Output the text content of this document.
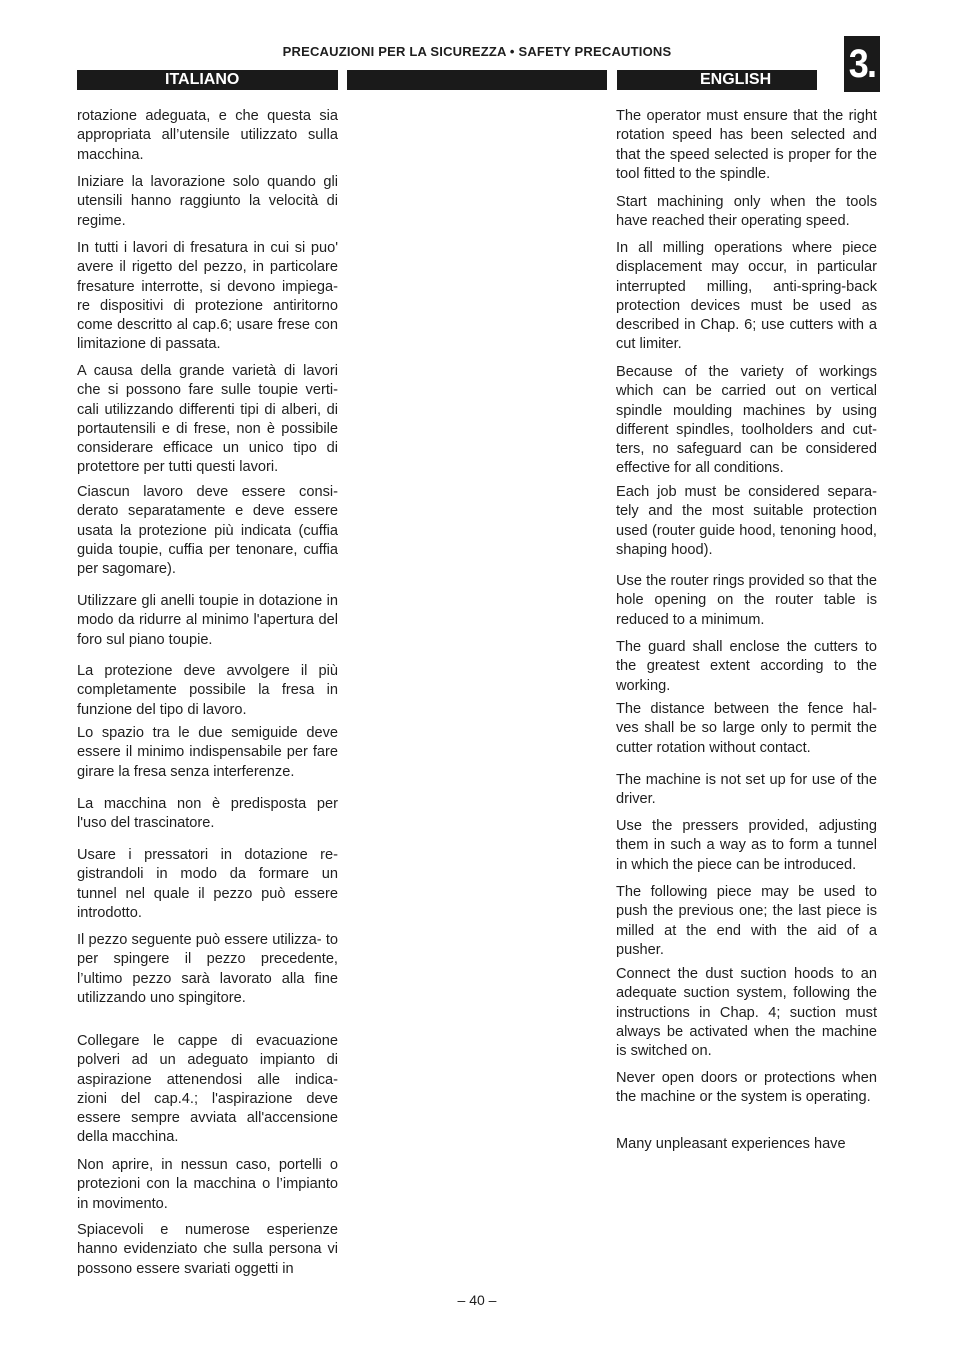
PRECAUZIONI PER LA SICUREZZA • SAFETY PRECAUTIONS	3.
ITALIANO	ENGLISH

rotazione adeguata, e che questa sia appropriata all’utensile utilizzato sulla macchina.

Iniziare la lavorazione solo quando gli utensili hanno raggiunto la velocità di regime.

In tutti i lavori di fresatura in cui si puo' avere il rigetto del pezzo, in particolare fresature interrotte, si devono impiega- re dispositivi di protezione antiritorno come descritto al cap.6; usare frese con limitazione di passata.

A causa della grande varietà di lavori che si possono fare sulle toupie verti- cali utilizzando differenti tipi di alberi, di portautensili e di frese, non è possibile considerare efficace un unico tipo di protettore per tutti questi lavori.

Ciascun lavoro deve essere consi- derato separatamente e deve essere usata la protezione più indicata (cuffia guida toupie, cuffia per tenonare, cuffia per sagomare).

Utilizzare gli anelli toupie in dotazione in modo da ridurre al minimo l'apertura del foro sul piano toupie.

La protezione deve avvolgere il più completamente possibile la fresa in funzione del tipo di lavoro.

Lo spazio tra le due semiguide deve essere il minimo indispensabile per fare girare la fresa senza interferenze.

La macchina non è predisposta per l'uso del trascinatore.

Usare i pressatori in dotazione re- gistrandoli in modo da formare un tunnel nel quale il pezzo può essere introdotto.

Il pezzo seguente può essere utilizza- to per spingere il pezzo precedente, l’ultimo pezzo sarà lavorato alla fine utilizzando uno spingitore.

Collegare le cappe di evacuazione polveri ad un adeguato impianto di aspirazione attenendosi alle indica- zioni del cap.4.; l'aspirazione deve essere sempre avviata all'accensione della macchina.

Non aprire, in nessun caso, portelli o protezioni con la macchina o l’impianto in movimento.

Spiacevoli e numerose esperienze hanno evidenziato che sulla persona vi possono essere svariati oggetti in

The operator must ensure that the right rotation speed has been selected and that the speed selected is proper for the tool fitted to the spindle.

Start machining only when the tools have reached their operating speed.

In all milling operations where piece displacement may occur, in particular interrupted milling, anti-spring-back protection devices must be used as described in Chap. 6; use cutters with a cut limiter.

Because of the variety of workings which can be carried out on vertical spindle moulding machines by using different spindles, toolholders and cut- ters, no safeguard can be considered effective for all conditions.

Each job must be considered separa- tely and the most suitable protection used (router guide hood, tenoning hood, shaping hood).

Use the router rings provided so that the hole opening on the router table is reduced to a minimum.

The guard shall enclose the cutters to the greatest extent according to the working.

The distance between the fence hal- ves shall be so large only to permit the cutter rotation without contact.

The machine is not set up for use of the driver.

Use the pressers provided, adjusting them in such a way as to form a tunnel in which the piece can be introduced.

The following piece may be used to push the previous one; the last piece is milled at the end with the aid of a pusher.

Connect the dust suction hoods to an adequate suction system, following the instructions in Chap. 4; suction must always be activated when the machine is switched on.

Never open doors or protections when the machine or the system is operating.

Many unpleasant experiences have

– 40 –
